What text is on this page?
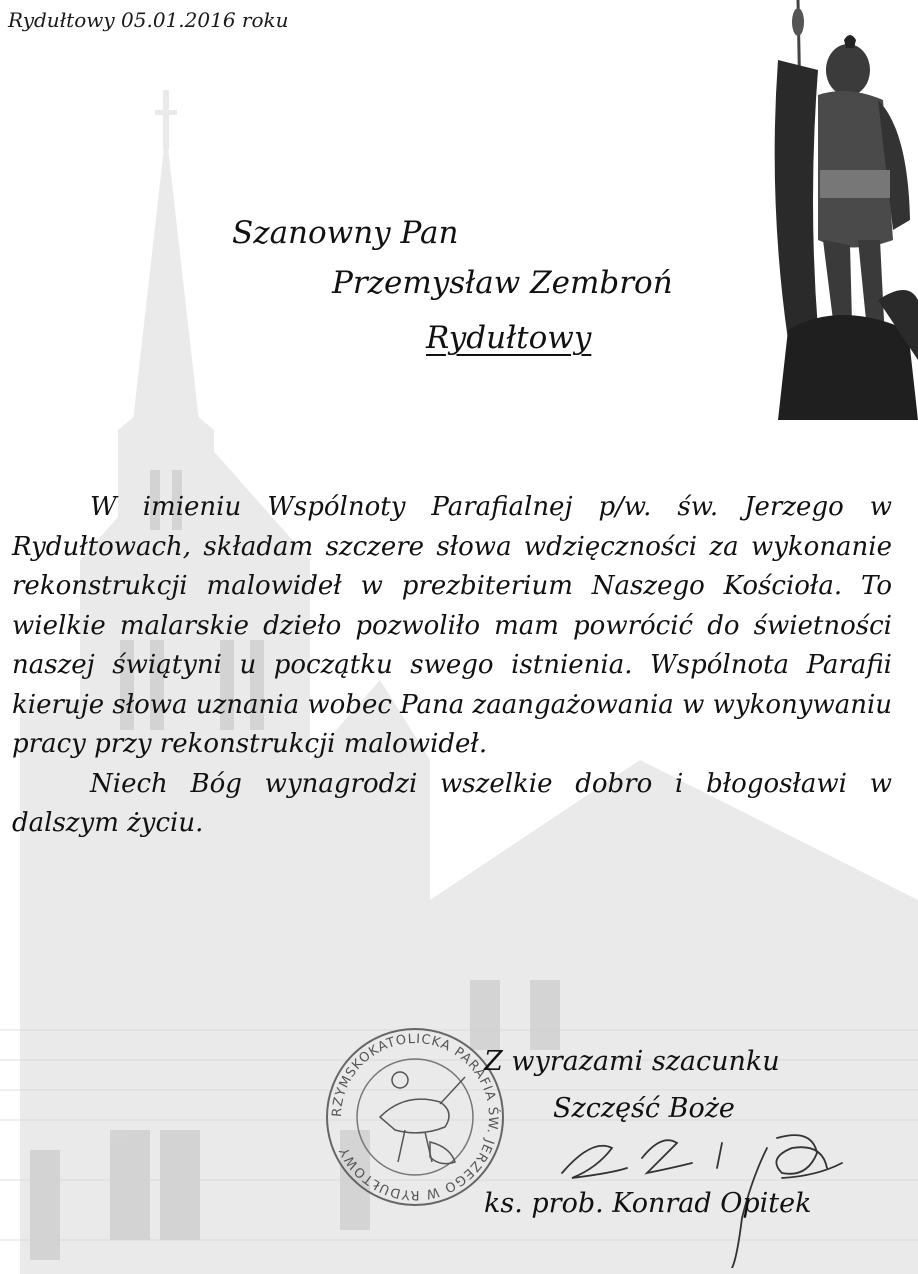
Rydułtowy 05.01.2016 roku
Szanowny Pan
Przemysław Zembroń
Rydułtowy

W imieniu Wspólnoty Parafialnej p/w. św. Jerzego w Rydułtowach, składam szczere słowa wdzięczności za wykonanie rekonstrukcji malowideł w prezbiterium Naszego Kościoła. To wielkie malarskie dzieło pozwoliło mam powrócić do świetności naszej świątyni u początku swego istnienia. Wspólnota Parafii kieruje słowa uznania wobec Pana zaangażowania w wykonywaniu pracy przy rekonstrukcji malowideł.

Niech Bóg wynagrodzi wszelkie dobro i błogosławi w dalszym życiu.

RZYMSKOKATOLICKA PARAFIA ŚW. JERZEGO W RYDUŁTOWY
Z wyrazami szacunku
Szczęść Boże
ks. prob. Konrad Opitek
